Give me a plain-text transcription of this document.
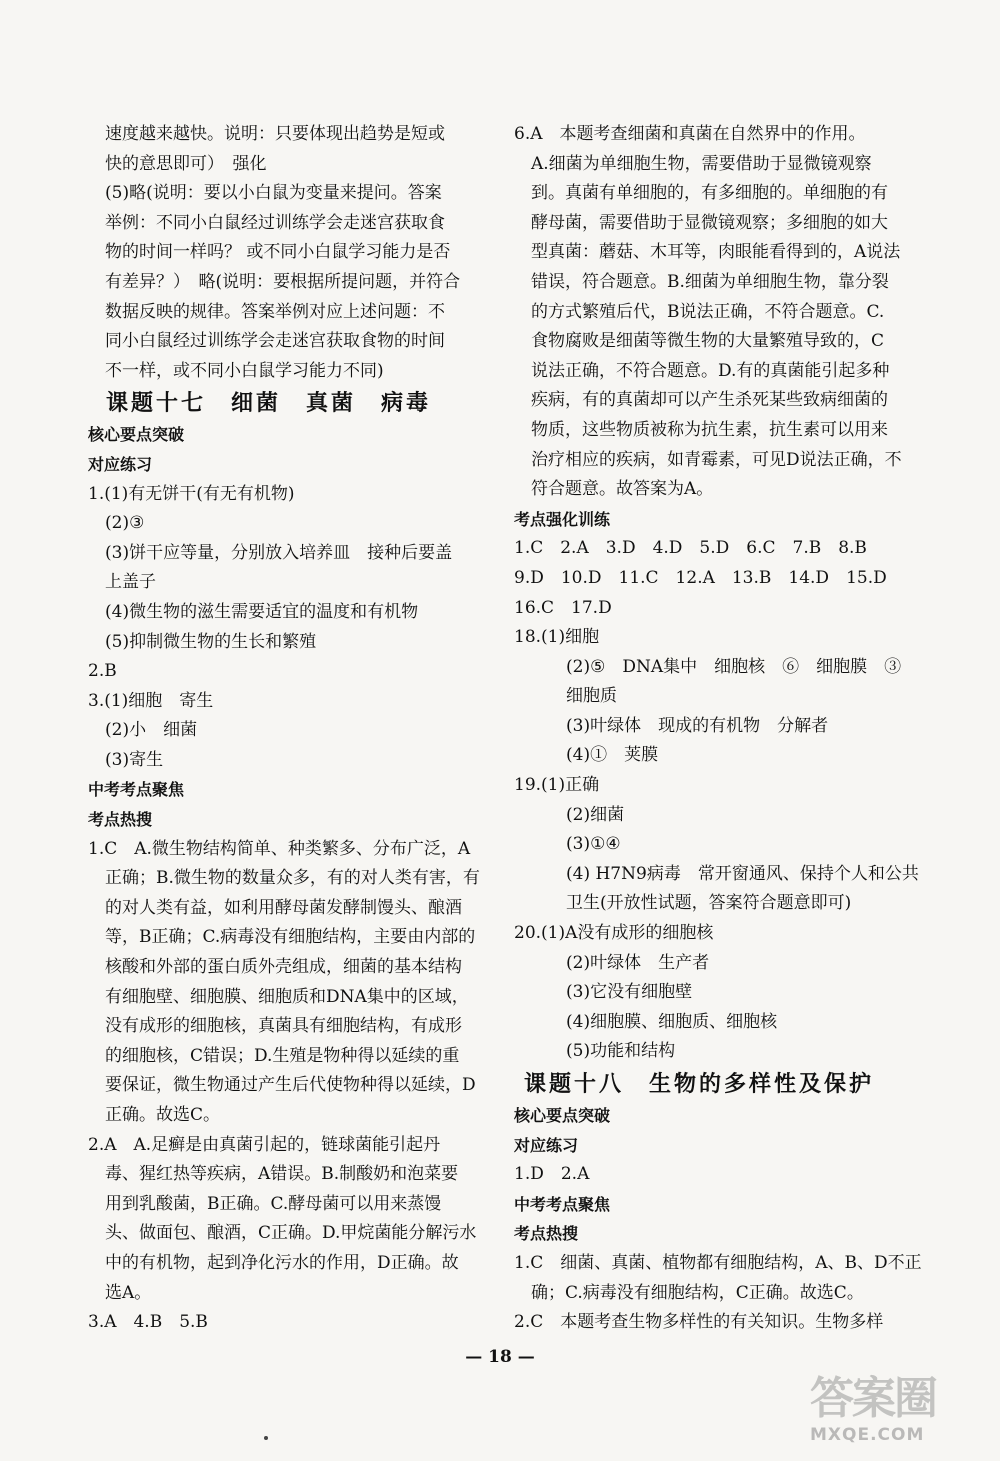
速度越来越快。说明：只要体现出趋势是短或
快的意思即可）　强化
(5)略(说明：要以小白鼠为变量来提问。答案
举例：不同小白鼠经过训练学会走迷宫获取食
物的时间一样吗？ 或不同小白鼠学习能力是否
有差异？）　略(说明：要根据所提问题，并符合
数据反映的规律。答案举例对应上述问题：不
同小白鼠经过训练学会走迷宫获取食物的时间
不一样，或不同小白鼠学习能力不同)
课题十七　细菌　真菌　病毒
核心要点突破
对应练习
1.(1)有无饼干(有无有机物)
(2)③
(3)饼干应等量，分别放入培养皿　接种后要盖
上盖子
(4)微生物的滋生需要适宜的温度和有机物
(5)抑制微生物的生长和繁殖
2.B
3.(1)细胞　寄生
(2)小　细菌
(3)寄生
中考考点聚焦
考点热搜
1.C　A.微生物结构简单、种类繁多、分布广泛，A
正确；B.微生物的数量众多，有的对人类有害，有
的对人类有益，如利用酵母菌发酵制馒头、酿酒
等，B正确；C.病毒没有细胞结构，主要由内部的
核酸和外部的蛋白质外壳组成，细菌的基本结构
有细胞壁、细胞膜、细胞质和DNA集中的区域，
没有成形的细胞核，真菌具有细胞结构，有成形
的细胞核，C错误；D.生殖是物种得以延续的重
要保证，微生物通过产生后代使物种得以延续，D
正确。故选C。
2.A　A.足癣是由真菌引起的，链球菌能引起丹
毒、猩红热等疾病，A错误。B.制酸奶和泡菜要
用到乳酸菌，B正确。C.酵母菌可以用来蒸馒
头、做面包、酿酒，C正确。D.甲烷菌能分解污水
中的有机物，起到净化污水的作用，D正确。故
选A。
3.A　4.B　5.B
6.A　本题考查细菌和真菌在自然界中的作用。
A.细菌为单细胞生物，需要借助于显微镜观察
到。真菌有单细胞的，有多细胞的。单细胞的有
酵母菌，需要借助于显微镜观察；多细胞的如大
型真菌：蘑菇、木耳等，肉眼能看得到的，A说法
错误，符合题意。B.细菌为单细胞生物，靠分裂
的方式繁殖后代，B说法正确，不符合题意。C.
食物腐败是细菌等微生物的大量繁殖导致的，C
说法正确，不符合题意。D.有的真菌能引起多种
疾病，有的真菌却可以产生杀死某些致病细菌的
物质，这些物质被称为抗生素，抗生素可以用来
治疗相应的疾病，如青霉素，可见D说法正确，不
符合题意。故答案为A。
考点强化训练
1.C　2.A　3.D　4.D　5.D　6.C　7.B　8.B
9.D　10.D　11.C　12.A　13.B　14.D　15.D
16.C　17.D
18.(1)细胞
(2)⑤　DNA集中　细胞核　⑥　细胞膜　③
细胞质
(3)叶绿体　现成的有机物　分解者
(4)①　荚膜
19.(1)正确
(2)细菌
(3)①④
(4) H7N9病毒　常开窗通风、保持个人和公共
卫生(开放性试题，答案符合题意即可)
20.(1)A没有成形的细胞核
(2)叶绿体　生产者
(3)它没有细胞壁
(4)细胞膜、细胞质、细胞核
(5)功能和结构
课题十八　生物的多样性及保护
核心要点突破
对应练习
1.D　2.A
中考考点聚焦
考点热搜
1.C　细菌、真菌、植物都有细胞结构，A、B、D不正
确；C.病毒没有细胞结构，C正确。故选C。
2.C　本题考查生物多样性的有关知识。生物多样
— 18 —
答案圈
MXQE.COM
